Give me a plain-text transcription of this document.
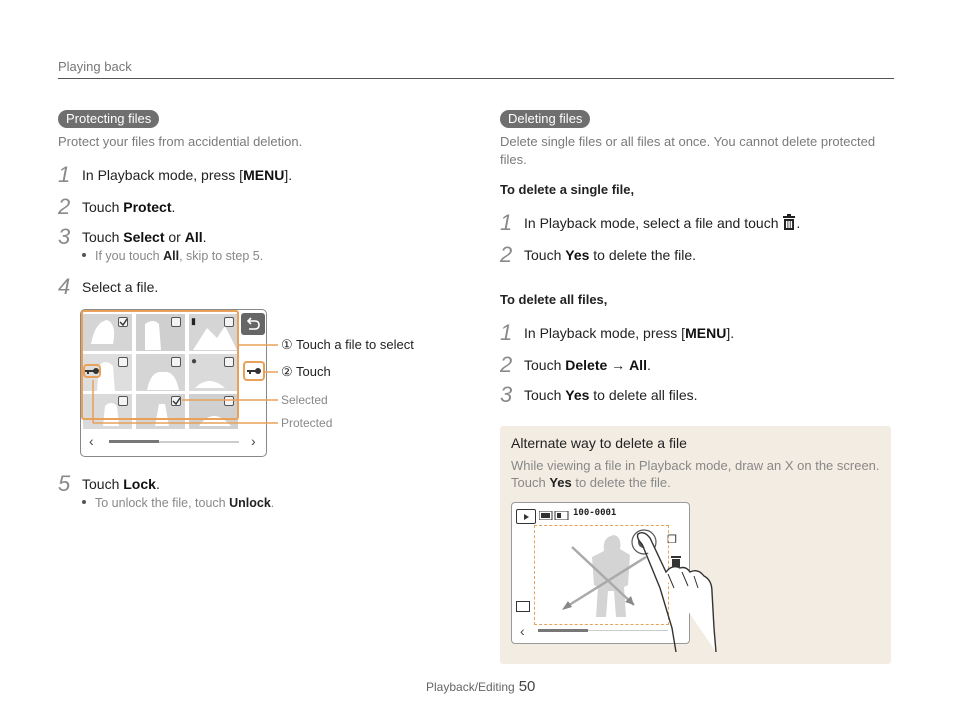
Playing back
Protecting files
Protect your files from accidential deletion.
1 In Playback mode, press [MENU].
2 Touch Protect.
3 Touch Select or All.
If you touch All, skip to step 5.
4 Select a file.
▮
●
‹	›
① Touch a file to select
② Touch
Selected
Protected
5 Touch Lock.
To unlock the file, touch Unlock.
Deleting files
Delete single files or all files at once. You cannot delete protected files.
To delete a single file,
1 In Playback mode, select a file and touch .
2 Touch Yes to delete the file.
To delete all files,
1 In Playback mode, press [MENU].
2 Touch Delete → All.
3 Touch Yes to delete all files.
Alternate way to delete a file
While viewing a file in Playback mode, draw an X on the screen. Touch Yes to delete the file.
100-0001
❐
‹
Playback/Editing 50
